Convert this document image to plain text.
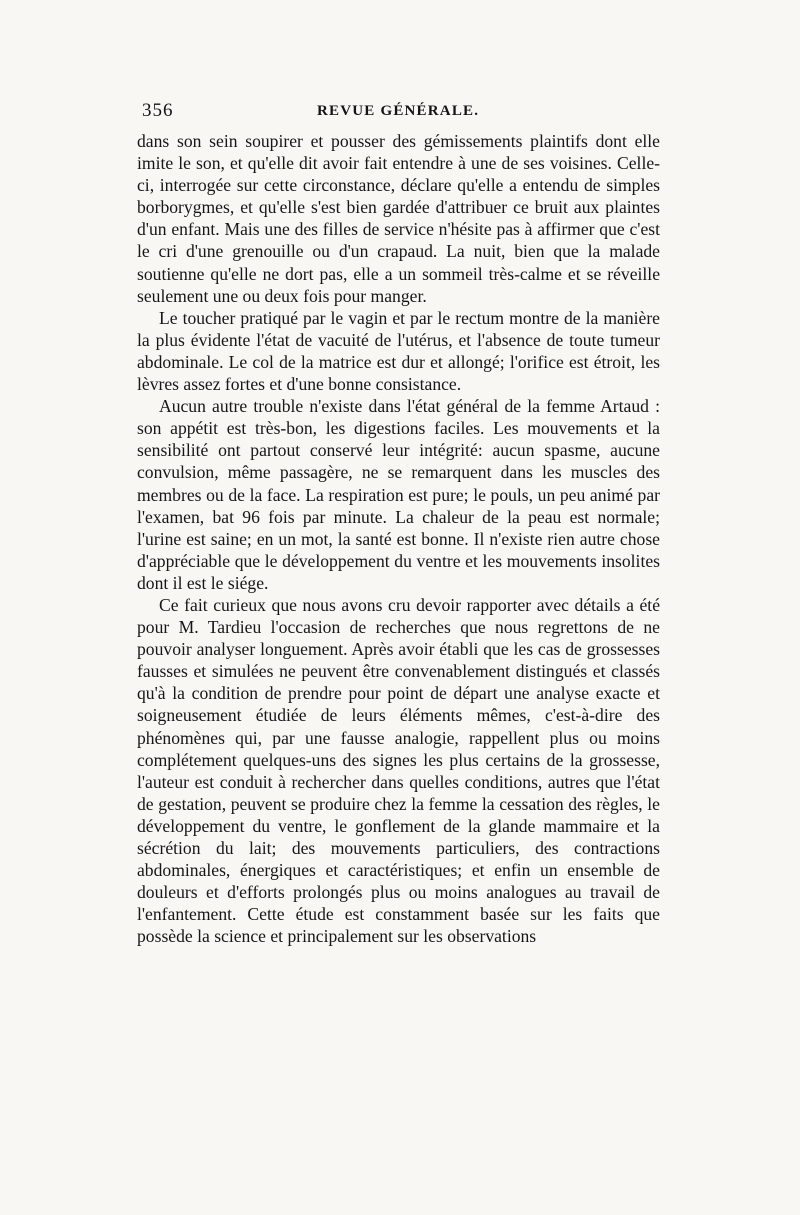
356	REVUE GÉNÉRALE.

dans son sein soupirer et pousser des gémissements plaintifs dont elle imite le son, et qu'elle dit avoir fait entendre à une de ses voisines. Celle-ci, interrogée sur cette circonstance, déclare qu'elle a entendu de simples borborygmes, et qu'elle s'est bien gardée d'attribuer ce bruit aux plaintes d'un enfant. Mais une des filles de service n'hésite pas à affirmer que c'est le cri d'une grenouille ou d'un crapaud. La nuit, bien que la malade soutienne qu'elle ne dort pas, elle a un sommeil très-calme et se réveille seulement une ou deux fois pour manger.

Le toucher pratiqué par le vagin et par le rectum montre de la manière la plus évidente l'état de vacuité de l'utérus, et l'absence de toute tumeur abdominale. Le col de la matrice est dur et allongé; l'orifice est étroit, les lèvres assez fortes et d'une bonne consistance.

Aucun autre trouble n'existe dans l'état général de la femme Artaud : son appétit est très-bon, les digestions faciles. Les mouvements et la sensibilité ont partout conservé leur intégrité: aucun spasme, aucune convulsion, même passagère, ne se remarquent dans les muscles des membres ou de la face. La respiration est pure; le pouls, un peu animé par l'examen, bat 96 fois par minute. La chaleur de la peau est normale; l'urine est saine; en un mot, la santé est bonne. Il n'existe rien autre chose d'appréciable que le développement du ventre et les mouvements insolites dont il est le siége.

Ce fait curieux que nous avons cru devoir rapporter avec détails a été pour M. Tardieu l'occasion de recherches que nous regrettons de ne pouvoir analyser longuement. Après avoir établi que les cas de grossesses fausses et simulées ne peuvent être convenablement distingués et classés qu'à la condition de prendre pour point de départ une analyse exacte et soigneusement étudiée de leurs éléments mêmes, c'est-à-dire des phénomènes qui, par une fausse analogie, rappellent plus ou moins complétement quelques-uns des signes les plus certains de la grossesse, l'auteur est conduit à rechercher dans quelles conditions, autres que l'état de gestation, peuvent se produire chez la femme la cessation des règles, le développement du ventre, le gonflement de la glande mammaire et la sécrétion du lait; des mouvements particuliers, des contractions abdominales, énergiques et caractéristiques; et enfin un ensemble de douleurs et d'efforts prolongés plus ou moins analogues au travail de l'enfantement. Cette étude est constamment basée sur les faits que possède la science et principalement sur les observations
